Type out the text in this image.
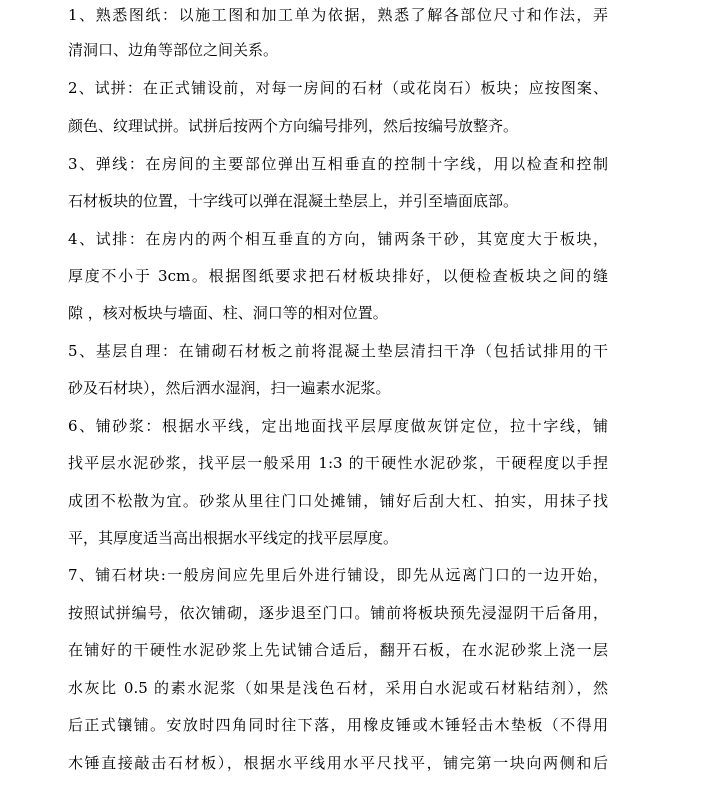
1、熟悉图纸：以施工图和加工单为依据，熟悉了解各部位尺寸和作法，弄
清洞口、边角等部位之间关系。
2、试拼：在正式铺设前，对每一房间的石材（或花岗石）板块；应按图案、
颜色、纹理试拼。试拼后按两个方向编号排列，然后按编号放整齐。
3、弹线：在房间的主要部位弹出互相垂直的控制十字线，用以检查和控制
石材板块的位置，十字线可以弹在混凝土垫层上，并引至墙面底部。
4、试排：在房内的两个相互垂直的方向，铺两条干砂，其宽度大于板块，
厚度不小于 3cm。根据图纸要求把石材板块排好，以便检查板块之间的缝
隙 ，核对板块与墙面、柱、洞口等的相对位置。
5、基层自理：在铺砌石材板之前将混凝土垫层清扫干净（包括试排用的干
砂及石材块），然后洒水湿润，扫一遍素水泥浆。
6、铺砂浆：根据水平线，定出地面找平层厚度做灰饼定位，拉十字线，铺
找平层水泥砂浆，找平层一般采用 1:3 的干硬性水泥砂浆，干硬程度以手捏
成团不松散为宜。砂浆从里往门口处摊铺，铺好后刮大杠、拍实，用抹子找
平，其厚度适当高出根据水平线定的找平层厚度。
7、铺石材块:一般房间应先里后外进行铺设，即先从远离门口的一边开始，
按照试拼编号，依次铺砌，逐步退至门口。铺前将板块预先浸湿阴干后备用，
在铺好的干硬性水泥砂浆上先试铺合适后，翻开石板，在水泥砂浆上浇一层
水灰比 0.5 的素水泥浆（如果是浅色石材，采用白水泥或石材粘结剂），然
后正式镶铺。安放时四角同时往下落，用橡皮锤或木锤轻击木垫板（不得用
木锤直接敲击石材板），根据水平线用水平尺找平，铺完第一块向两侧和后
